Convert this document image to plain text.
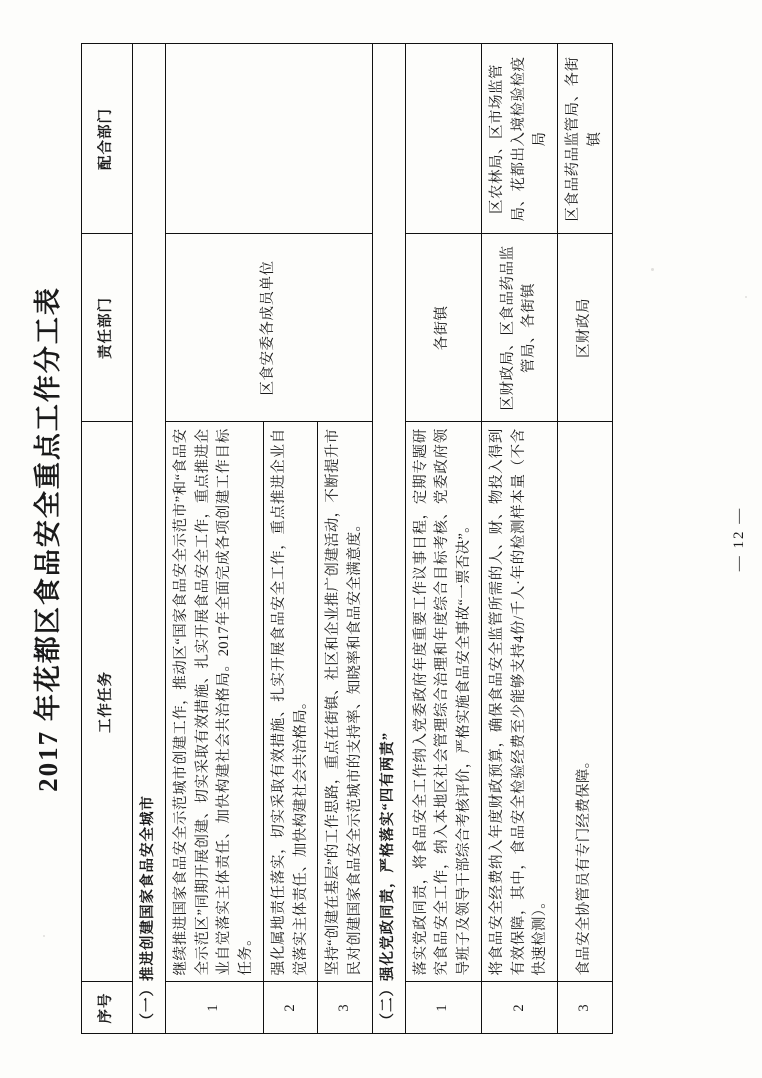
2017 年花都区食品安全重点工作分工表
序号	工作任务	责任部门	配合部门
（一）推进创建国家食品安全城市			
1	继续推进国家食品安全示范城市创建工作，推动区“国家食品安全示范市”和“食品安全示范区”同期开展创建、切实采取有效措施、扎实开展食品安全工作，重点推进企业自觉落实主体责任、加快构建社会共治格局。2017年全面完成各项创建工作目标任务。	区食安委各成员单位	
2	强化属地责任落实，切实采取有效措施、扎实开展食品安全工作，重点推进企业自觉落实主体责任、加快构建社会共治格局。		
3	坚持“创建在基层”的工作思路，重点在街镇、社区和企业推广创建活动，不断提升市民对创建国家食品安全示范城市的支持率、知晓率和食品安全满意度。		
（二）强化党政同责，严格落实“四有两责”			
1	落实党政同责，将食品安全工作纳入党委政府年度重要工作议事日程，定期专题研究食品安全工作，纳入本地区社会管理综合治理和年度综合目标考核、党委政府领导班子及领导干部综合考核评价，严格实施食品安全事故“一票否决”。	各街镇	
2	将食品安全经费纳入年度财政预算，确保食品安全监管所需的人、财、物投入得到有效保障，其中，食品安全检验经费至少能够支持4份/千人·年的检测样本量（不含快速检测）。	区财政局、区食品药品监管局、各街镇	区农林局、区市场监管局、花都出入境检验检疫局
3	食品安全协管员有专门经费保障。	区财政局	区食品药品监管局、各街镇
— 12 —
